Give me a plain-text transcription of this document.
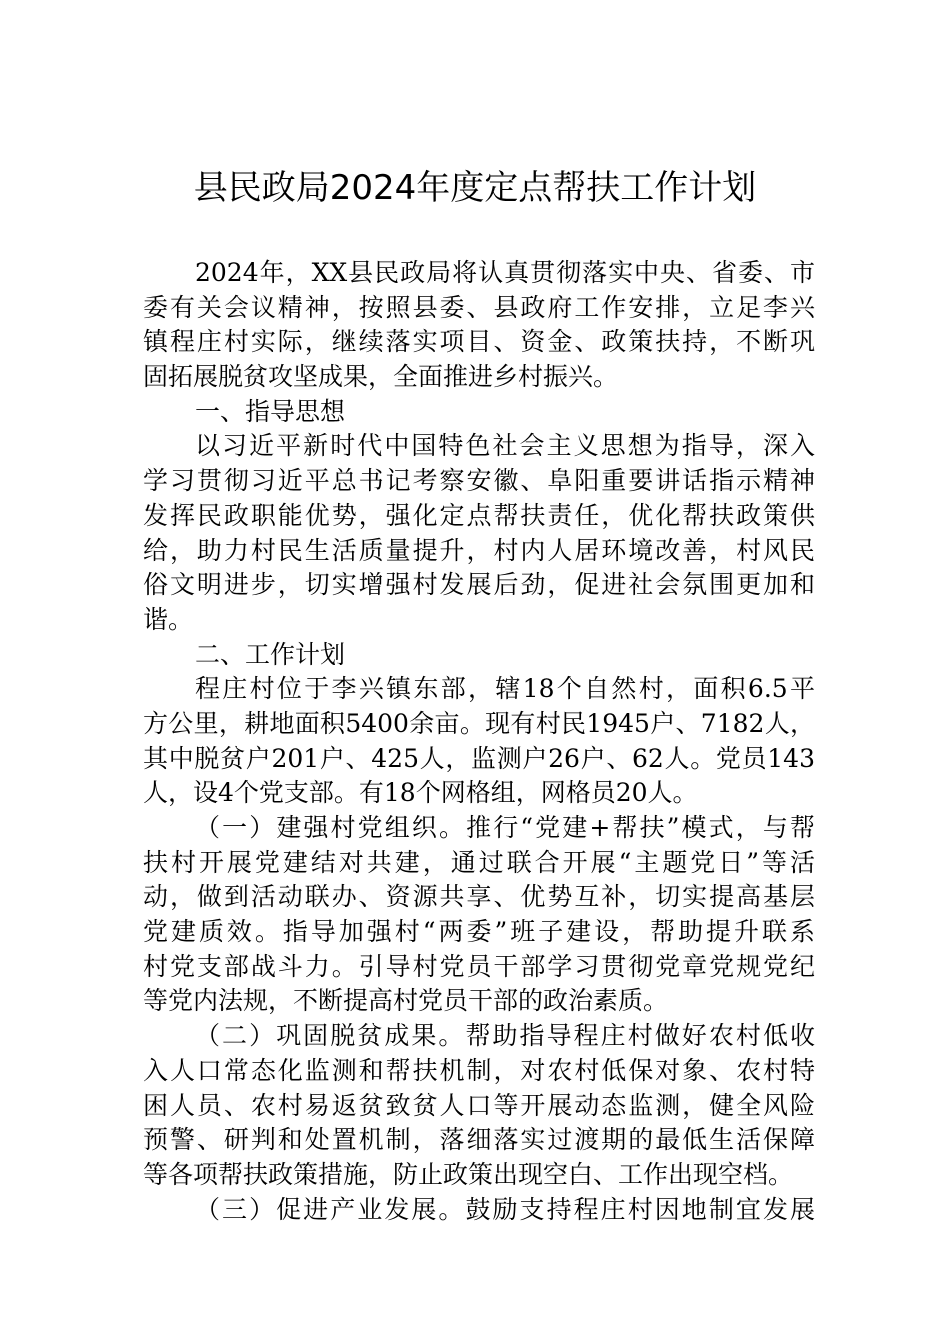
县民政局2024年度定点帮扶工作计划
2024年，XX县民政局将认真贯彻落实中央、省委、市
委有关会议精神，按照县委、县政府工作安排，立足李兴
镇程庄村实际，继续落实项目、资金、政策扶持，不断巩
固拓展脱贫攻坚成果，全面推进乡村振兴。
一、指导思想
以习近平新时代中国特色社会主义思想为指导，深入
学习贯彻习近平总书记考察安徽、阜阳重要讲话指示精神
发挥民政职能优势，强化定点帮扶责任，优化帮扶政策供
给，助力村民生活质量提升，村内人居环境改善，村风民
俗文明进步，切实增强村发展后劲，促进社会氛围更加和
谐。
二、工作计划
程庄村位于李兴镇东部，辖18个自然村，面积6.5平
方公里，耕地面积5400余亩。现有村民1945户、7182人，
其中脱贫户201户、425人，监测户26户、62人。党员143
人，设4个党支部。有18个网格组，网格员20人。
（一）建强村党组织。推行“党建+帮扶”模式，与帮
扶村开展党建结对共建，通过联合开展“主题党日”等活
动，做到活动联办、资源共享、优势互补，切实提高基层
党建质效。指导加强村“两委”班子建设，帮助提升联系
村党支部战斗力。引导村党员干部学习贯彻党章党规党纪
等党内法规，不断提高村党员干部的政治素质。
（二）巩固脱贫成果。帮助指导程庄村做好农村低收
入人口常态化监测和帮扶机制，对农村低保对象、农村特
困人员、农村易返贫致贫人口等开展动态监测，健全风险
预警、研判和处置机制，落细落实过渡期的最低生活保障
等各项帮扶政策措施，防止政策出现空白、工作出现空档。
（三）促进产业发展。鼓励支持程庄村因地制宜发展
